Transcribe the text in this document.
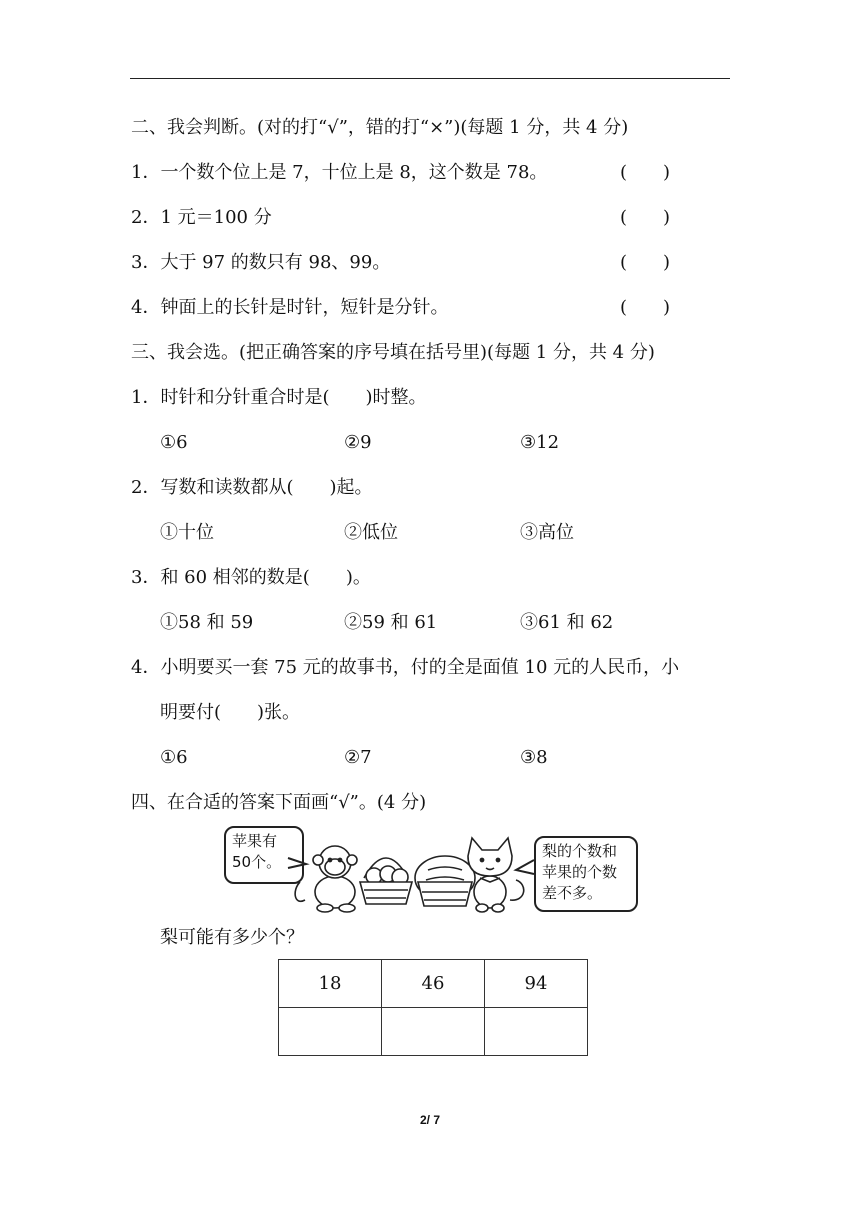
二、我会判断。(对的打“√”，错的打“×”)(每题 1 分，共 4 分)
1．一个数个位上是 7，十位上是 8，这个数是 78。	(　　)
2．1 元＝100 分	(　　)
3．大于 97 的数只有 98、99。	(　　)
4．钟面上的长针是时针，短针是分针。	(　　)
三、我会选。(把正确答案的序号填在括号里)(每题 1 分，共 4 分)
1．时针和分针重合时是(　　)时整。
①6	②9	③12
2．写数和读数都从(　　)起。
①十位	②低位	③高位
3．和 60 相邻的数是(　　)。
①58 和 59	②59 和 61	③61 和 62
4．小明要买一套 75 元的故事书，付的全是面值 10 元的人民币，小
明要付(　　)张。
①6	②7	③8
四、在合适的答案下面画“√”。(4 分)
苹果有
50个。
梨的个数和
苹果的个数
差不多。
梨可能有多少个？
18	46	94

2/ 7
